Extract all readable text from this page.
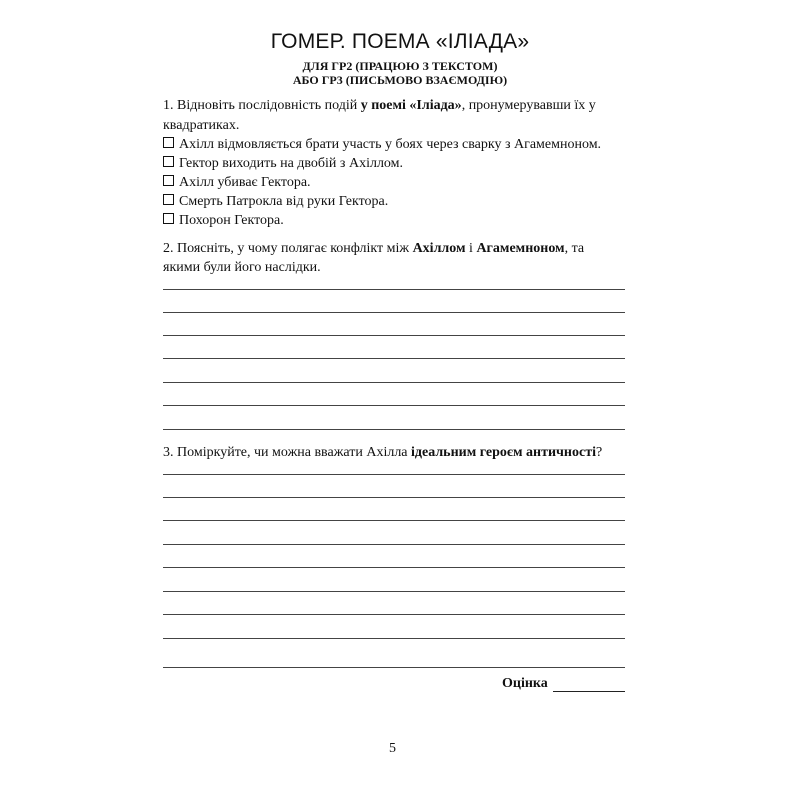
ГОМЕР. ПОЕМА «ІЛІАДА»
ДЛЯ ГР2 (ПРАЦЮЮ З ТЕКСТОМ)
АБО ГР3 (ПИСЬМОВО ВЗАЄМОДІЮ)
1. Відновіть послідовність подій у поемі «Іліада», пронумерувавши їх у
квадратиках.
Ахілл відмовляється брати участь у боях через сварку з Агамемноном.
Гектор виходить на двобій з Ахіллом.
Ахілл убиває Гектора.
Смерть Патрокла від руки Гектора.
Похорон Гектора.
2. Поясніть, у чому полягає конфлікт між Ахіллом і Агамемноном, та
якими були його наслідки.
3. Поміркуйте, чи можна вважати Ахілла ідеальним героєм античності?
Оцінка
5
